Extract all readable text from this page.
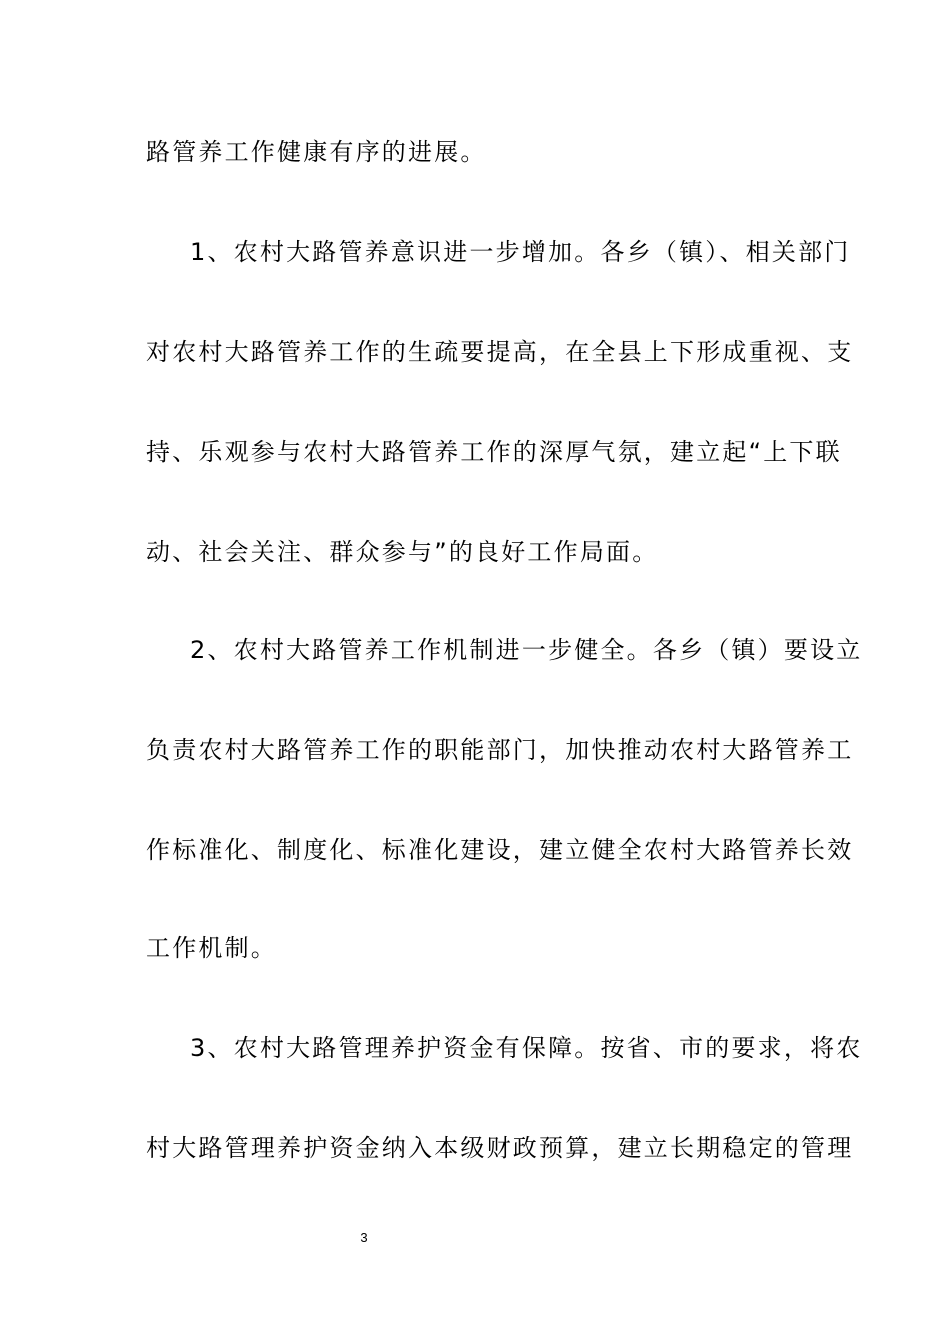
路管养工作健康有序的进展。
1、农村大路管养意识进一步增加。各乡（镇）、相关部门
对农村大路管养工作的生疏要提高，在全县上下形成重视、支
持、乐观参与农村大路管养工作的深厚气氛，建立起“上下联
动、社会关注、群众参与”的良好工作局面。
2、农村大路管养工作机制进一步健全。各乡（镇）要设立
负责农村大路管养工作的职能部门，加快推动农村大路管养工
作标准化、制度化、标准化建设，建立健全农村大路管养长效
工作机制。
3、农村大路管理养护资金有保障。按省、市的要求，将农
村大路管理养护资金纳入本级财政预算，建立长期稳定的管理
3
